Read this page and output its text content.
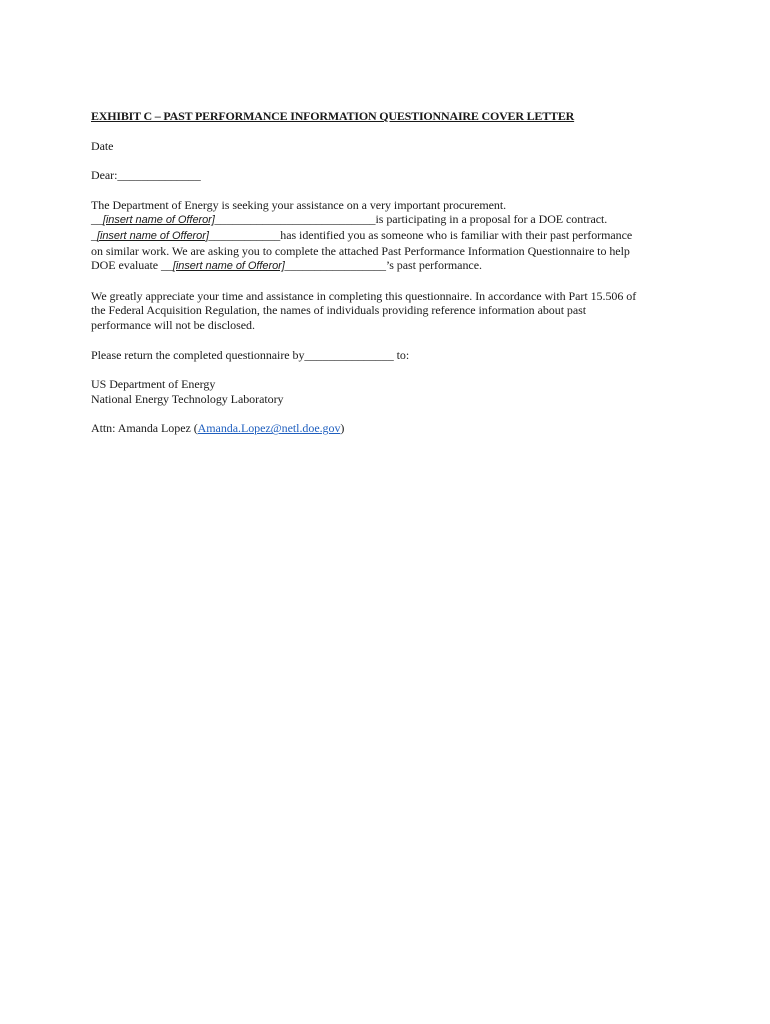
EXHIBIT C – PAST PERFORMANCE INFORMATION QUESTIONNAIRE COVER LETTER

Date

Dear:______________

The Department of Energy is seeking your assistance on a very important procurement.
__[insert name of Offeror]___________________________is participating in a proposal for a DOE contract.
_[insert name of Offeror]____________has identified you as someone who is familiar with their past performance
on similar work. We are asking you to complete the attached Past Performance Information Questionnaire to help
DOE evaluate __[insert name of Offeror]_________________’s past performance.

We greatly appreciate your time and assistance in completing this questionnaire. In accordance with Part 15.506 of
the Federal Acquisition Regulation, the names of individuals providing reference information about past
performance will not be disclosed.

Please return the completed questionnaire by_______________ to:

US Department of Energy
National Energy Technology Laboratory

Attn: Amanda Lopez (Amanda.Lopez@netl.doe.gov)
